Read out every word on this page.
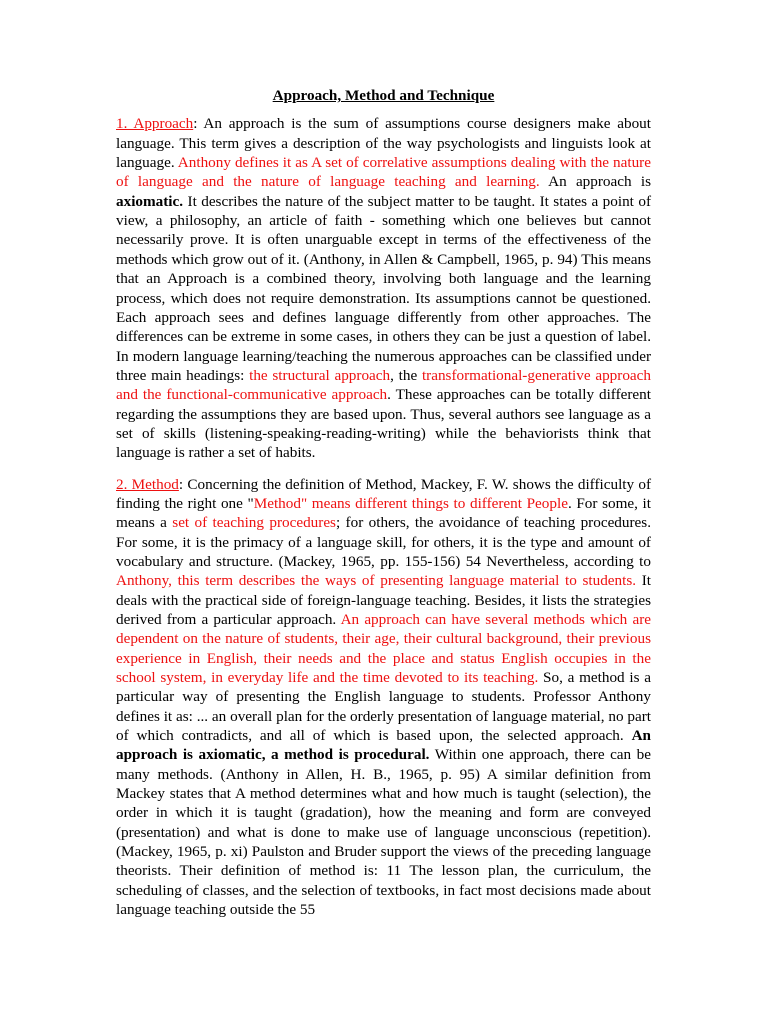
Approach, Method and Technique

1. Approach: An approach is the sum of assumptions course designers make about language. This term gives a description of the way psychologists and linguists look at language. Anthony defines it as A set of correlative assumptions dealing with the nature of language and the nature of language teaching and learning. An approach is axiomatic. It describes the nature of the subject matter to be taught. It states a point of view, a philosophy, an article of faith - something which one believes but cannot necessarily prove. It is often unarguable except in terms of the effectiveness of the methods which grow out of it. (Anthony, in Allen & Campbell, 1965, p. 94) This means that an Approach is a combined theory, involving both language and the learning process, which does not require demonstration. Its assumptions cannot be questioned. Each approach sees and defines language differently from other approaches. The differences can be extreme in some cases, in others they can be just a question of label. In modern language learning/teaching the numerous approaches can be classified under three main headings: the structural approach, the transformational-generative approach and the functional-communicative approach. These approaches can be totally different regarding the assumptions they are based upon. Thus, several authors see language as a set of skills (listening-speaking-reading-writing) while the behaviorists think that language is rather a set of habits.

2. Method: Concerning the definition of Method, Mackey, F. W. shows the difficulty of finding the right one "Method" means different things to different People. For some, it means a set of teaching procedures; for others, the avoidance of teaching procedures. For some, it is the primacy of a language skill, for others, it is the type and amount of vocabulary and structure. (Mackey, 1965, pp. 155-156) 54 Nevertheless, according to Anthony, this term describes the ways of presenting language material to students. It deals with the practical side of foreign-language teaching. Besides, it lists the strategies derived from a particular approach. An approach can have several methods which are dependent on the nature of students, their age, their cultural background, their previous experience in English, their needs and the place and status English occupies in the school system, in everyday life and the time devoted to its teaching. So, a method is a particular way of presenting the English language to students. Professor Anthony defines it as: ... an overall plan for the orderly presentation of language material, no part of which contradicts, and all of which is based upon, the selected approach. An approach is axiomatic, a method is procedural. Within one approach, there can be many methods. (Anthony in Allen, H. B., 1965, p. 95) A similar definition from Mackey states that A method determines what and how much is taught (selection), the order in which it is taught (gradation), how the meaning and form are conveyed (presentation) and what is done to make use of language unconscious (repetition). (Mackey, 1965, p. xi) Paulston and Bruder support the views of the preceding language theorists. Their definition of method is: 11 The lesson plan, the curriculum, the scheduling of classes, and the selection of textbooks, in fact most decisions made about language teaching outside the 55
